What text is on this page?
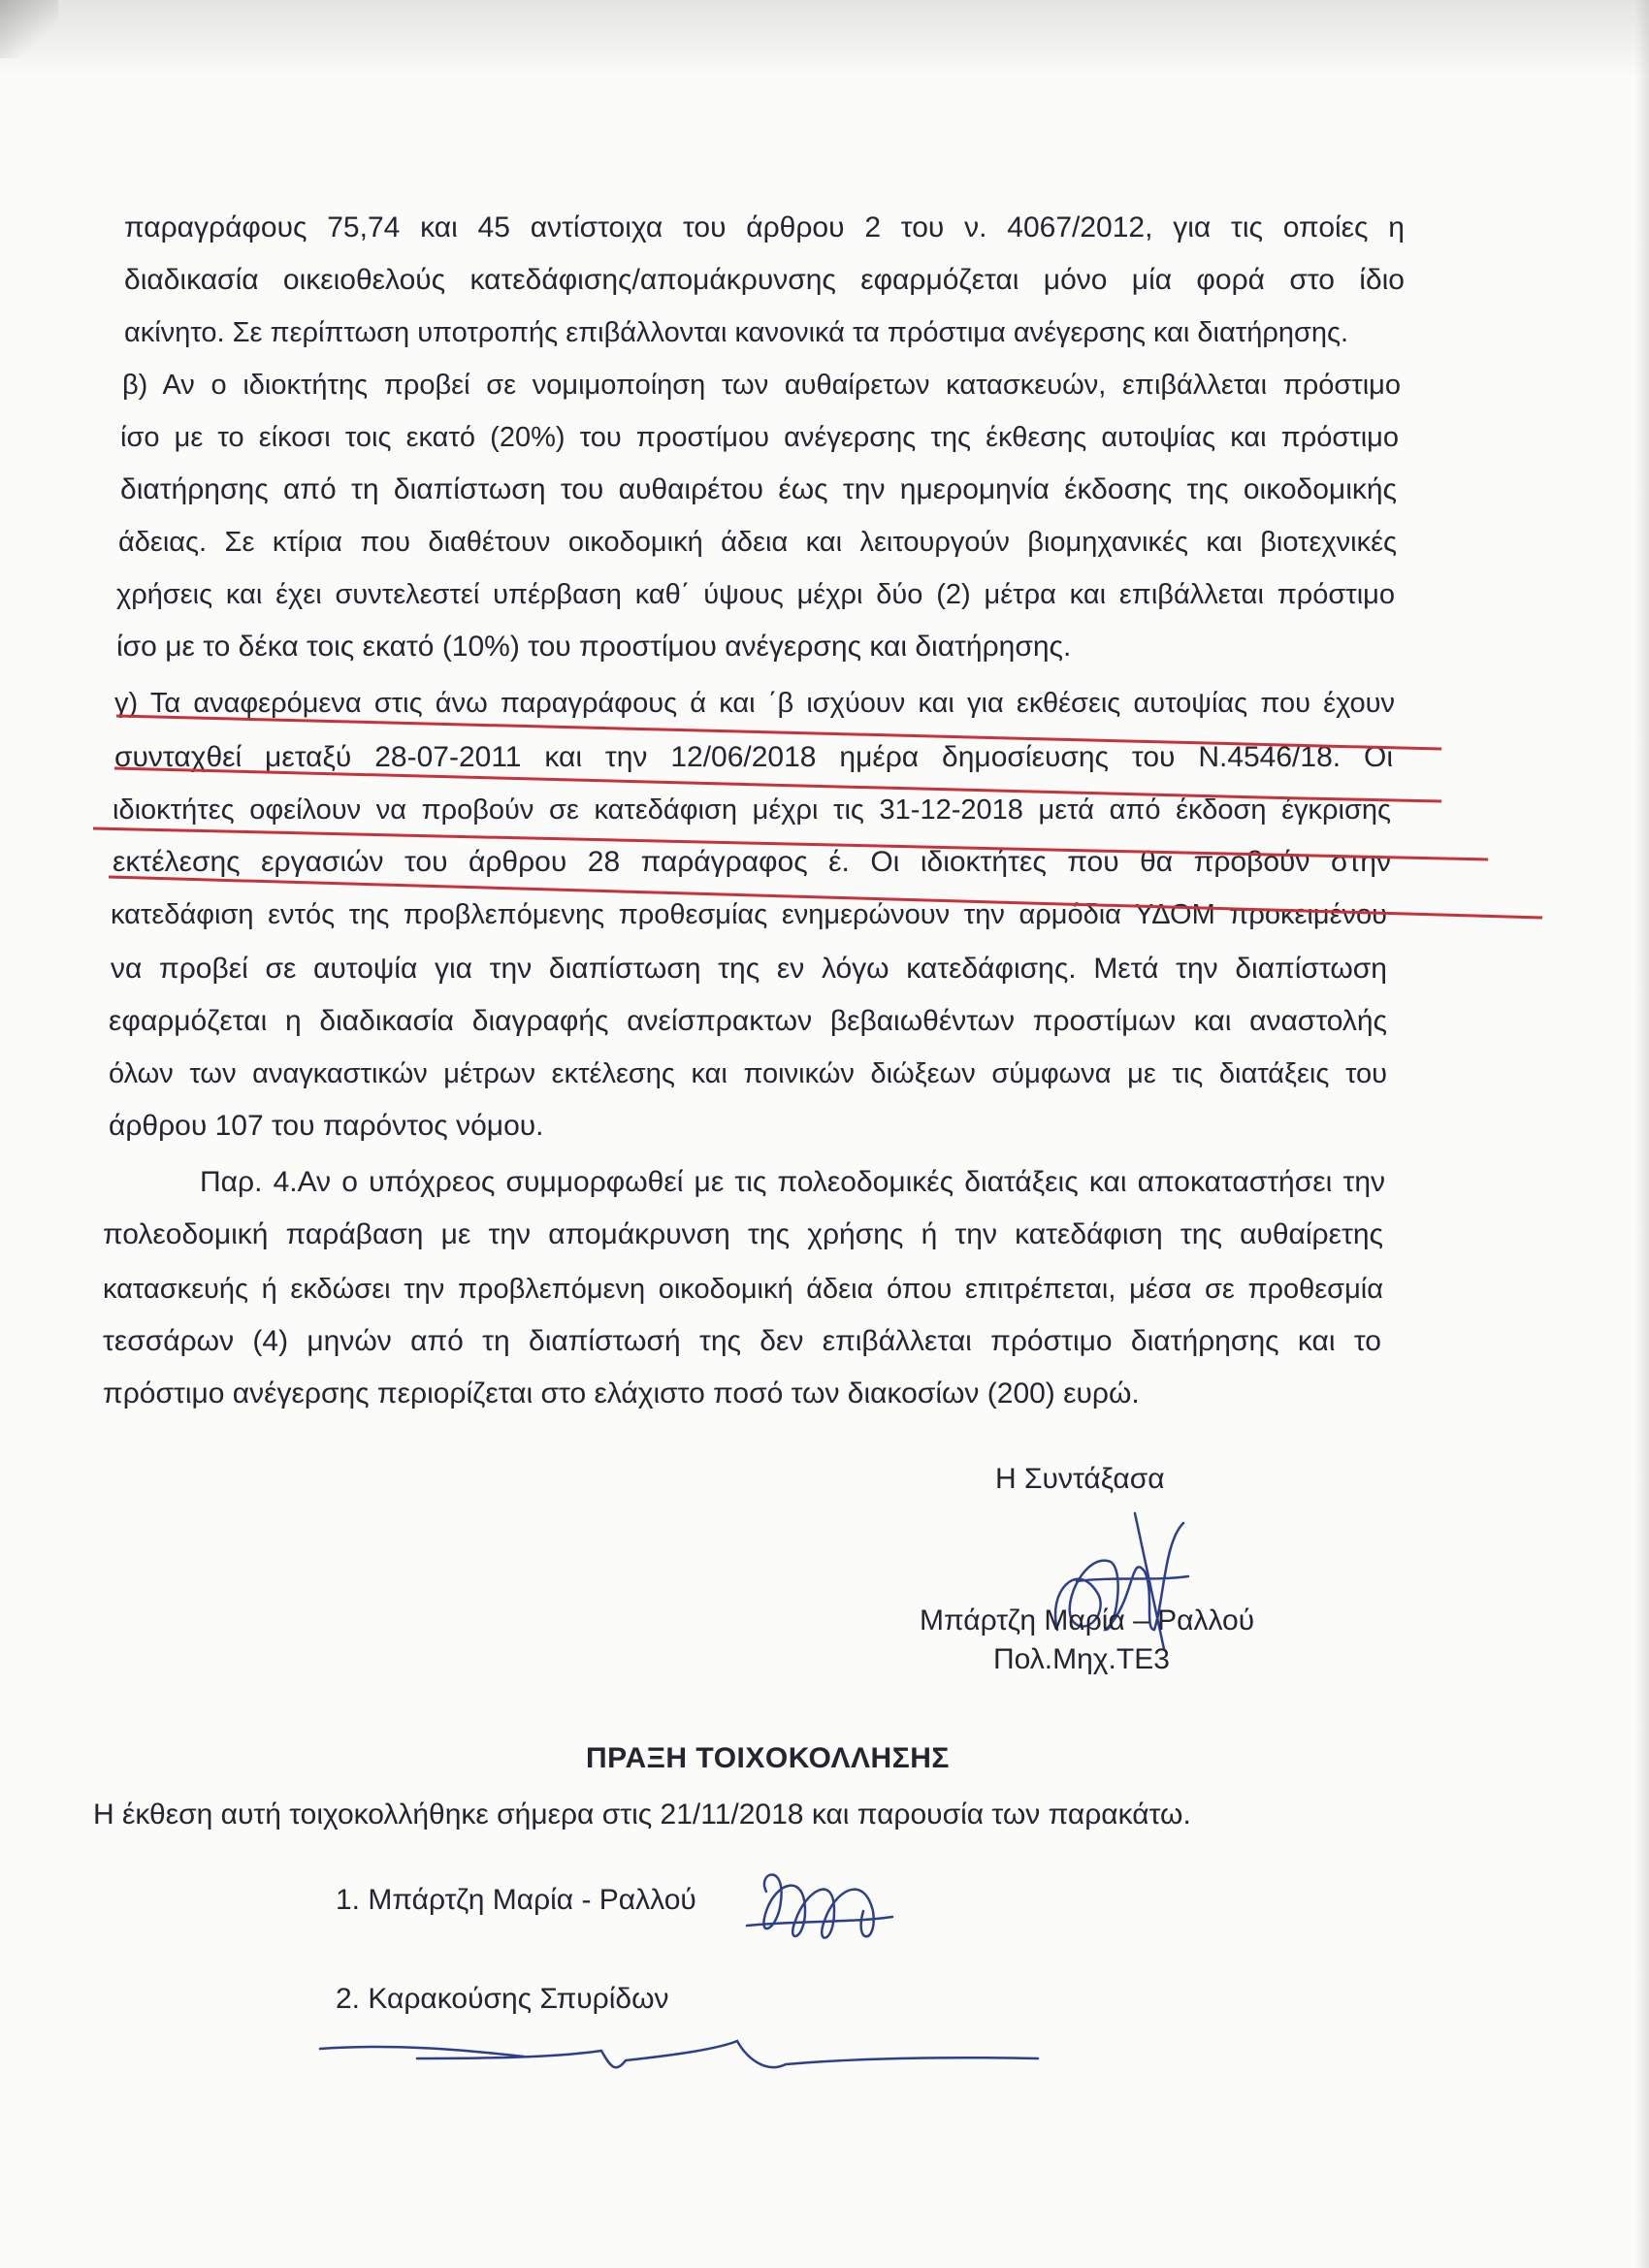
παραγράφους 75,74 και 45 αντίστοιχα του άρθρου 2 του ν. 4067/2012, για τις οποίες η

διαδικασία οικειοθελούς κατεδάφισης/απομάκρυνσης εφαρμόζεται μόνο μία φορά στο ίδιο

ακίνητο. Σε περίπτωση υποτροπής επιβάλλονται κανονικά τα πρόστιμα ανέγερσης και διατήρησης.

β) Αν ο ιδιοκτήτης προβεί σε νομιμοποίηση των αυθαίρετων κατασκευών, επιβάλλεται πρόστιμο

ίσο με το είκοσι τοις εκατό (20%) του προστίμου ανέγερσης της έκθεσης αυτοψίας και πρόστιμο

διατήρησης από τη διαπίστωση του αυθαιρέτου έως την ημερομηνία έκδοσης της οικοδομικής

άδειας. Σε κτίρια που διαθέτουν οικοδομική άδεια και λειτουργούν βιομηχανικές και βιοτεχνικές

χρήσεις και έχει συντελεστεί υπέρβαση καθ΄ ύψους μέχρι δύο (2) μέτρα και επιβάλλεται πρόστιμο

ίσο με το δέκα τοις εκατό (10%) του προστίμου ανέγερσης και διατήρησης.

γ) Τα αναφερόμενα στις άνω παραγράφους ά και ΄β ισχύουν και για εκθέσεις αυτοψίας που έχουν

συνταχθεί μεταξύ 28-07-2011 και την 12/06/2018 ημέρα δημοσίευσης του Ν.4546/18. Οι

ιδιοκτήτες οφείλουν να προβούν σε κατεδάφιση μέχρι τις 31-12-2018 μετά από έκδοση έγκρισης

εκτέλεσης εργασιών του άρθρου 28 παράγραφος έ. Οι ιδιοκτήτες που θα προβούν στην

κατεδάφιση εντός της προβλεπόμενης προθεσμίας ενημερώνουν την αρμόδια ΥΔΟΜ προκειμένου

να προβεί σε αυτοψία για την διαπίστωση της εν λόγω κατεδάφισης. Μετά την διαπίστωση

εφαρμόζεται η διαδικασία διαγραφής ανείσπρακτων βεβαιωθέντων προστίμων και αναστολής

όλων των αναγκαστικών μέτρων εκτέλεσης και ποινικών διώξεων σύμφωνα με τις διατάξεις του

άρθρου 107 του παρόντος νόμου.

Παρ. 4.Αν ο υπόχρεος συμμορφωθεί με τις πολεοδομικές διατάξεις και αποκαταστήσει την

πολεοδομική παράβαση με την απομάκρυνση της χρήσης ή την κατεδάφιση της αυθαίρετης

κατασκευής ή εκδώσει την προβλεπόμενη οικοδομική άδεια όπου επιτρέπεται, μέσα σε προθεσμία

τεσσάρων (4) μηνών από τη διαπίστωσή της δεν επιβάλλεται πρόστιμο διατήρησης και το

πρόστιμο ανέγερσης περιορίζεται στο ελάχιστο ποσό των διακοσίων (200) ευρώ.

Η Συντάξασα

Μπάρτζη Μαρία – Ραλλού

Πολ.Μηχ.ΤΕ3

ΠΡΑΞΗ ΤΟΙΧΟΚΟΛΛΗΣΗΣ

Η έκθεση αυτή τοιχοκολλήθηκε σήμερα στις 21/11/2018 και παρουσία των παρακάτω.

1. Μπάρτζη Μαρία - Ραλλού

2. Καρακούσης Σπυρίδων
